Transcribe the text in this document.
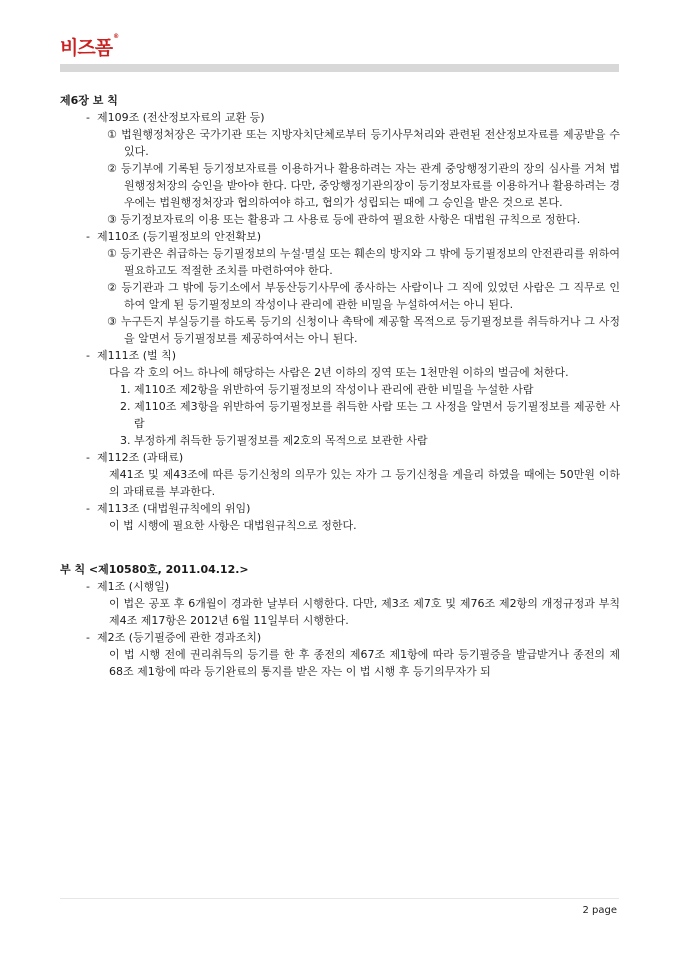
비즈폼®
제6장 보 칙
- 제109조 (전산정보자료의 교환 등)
① 법원행정처장은 국가기관 또는 지방자치단체로부터 등기사무처리와 관련된 전산정보자료를 제공받을 수 있다.
② 등기부에 기록된 등기정보자료를 이용하거나 활용하려는 자는 관계 중앙행정기관의 장의 심사를 거쳐 법원행정처장의 승인을 받아야 한다. 다만, 중앙행정기관의장이 등기정보자료를 이용하거나 활용하려는 경우에는 법원행정처장과 협의하여야 하고, 협의가 성립되는 때에 그 승인을 받은 것으로 본다.
③ 등기정보자료의 이용 또는 활용과 그 사용료 등에 관하여 필요한 사항은 대법원 규칙으로 정한다.
- 제110조 (등기필정보의 안전확보)
① 등기관은 취급하는 등기필정보의 누설·멸실 또는 훼손의 방지와 그 밖에 등기필정보의 안전관리를 위하여 필요하고도 적절한 조치를 마련하여야 한다.
② 등기관과 그 밖에 등기소에서 부동산등기사무에 종사하는 사람이나 그 직에 있었던 사람은 그 직무로 인하여 알게 된 등기필정보의 작성이나 관리에 관한 비밀을 누설하여서는 아니 된다.
③ 누구든지 부실등기를 하도록 등기의 신청이나 촉탁에 제공할 목적으로 등기필정보를 취득하거나 그 사정을 알면서 등기필정보를 제공하여서는 아니 된다.
- 제111조 (벌 칙)
다음 각 호의 어느 하나에 해당하는 사람은 2년 이하의 징역 또는 1천만원 이하의 벌금에 처한다.
1. 제110조 제2항을 위반하여 등기필정보의 작성이나 관리에 관한 비밀을 누설한 사람
2. 제110조 제3항을 위반하여 등기필정보를 취득한 사람 또는 그 사정을 알면서 등기필정보를 제공한 사람
3. 부정하게 취득한 등기필정보를 제2호의 목적으로 보관한 사람
- 제112조 (과태료)
제41조 및 제43조에 따른 등기신청의 의무가 있는 자가 그 등기신청을 게을리 하였을 때에는 50만원 이하의 과태료를 부과한다.
- 제113조 (대법원규칙에의 위임)
이 법 시행에 필요한 사항은 대법원규칙으로 정한다.
부 칙 <제10580호, 2011.04.12.>
- 제1조 (시행일)
이 법은 공포 후 6개월이 경과한 날부터 시행한다. 다만, 제3조 제7호 및 제76조 제2항의 개정규정과 부칙 제4조 제17항은 2012년 6월 11일부터 시행한다.
- 제2조 (등기필증에 관한 경과조치)
이 법 시행 전에 권리취득의 등기를 한 후 종전의 제67조 제1항에 따라 등기필증을 발급받거나 종전의 제68조 제1항에 따라 등기완료의 통지를 받은 자는 이 법 시행 후 등기의무자가 되
2 page
